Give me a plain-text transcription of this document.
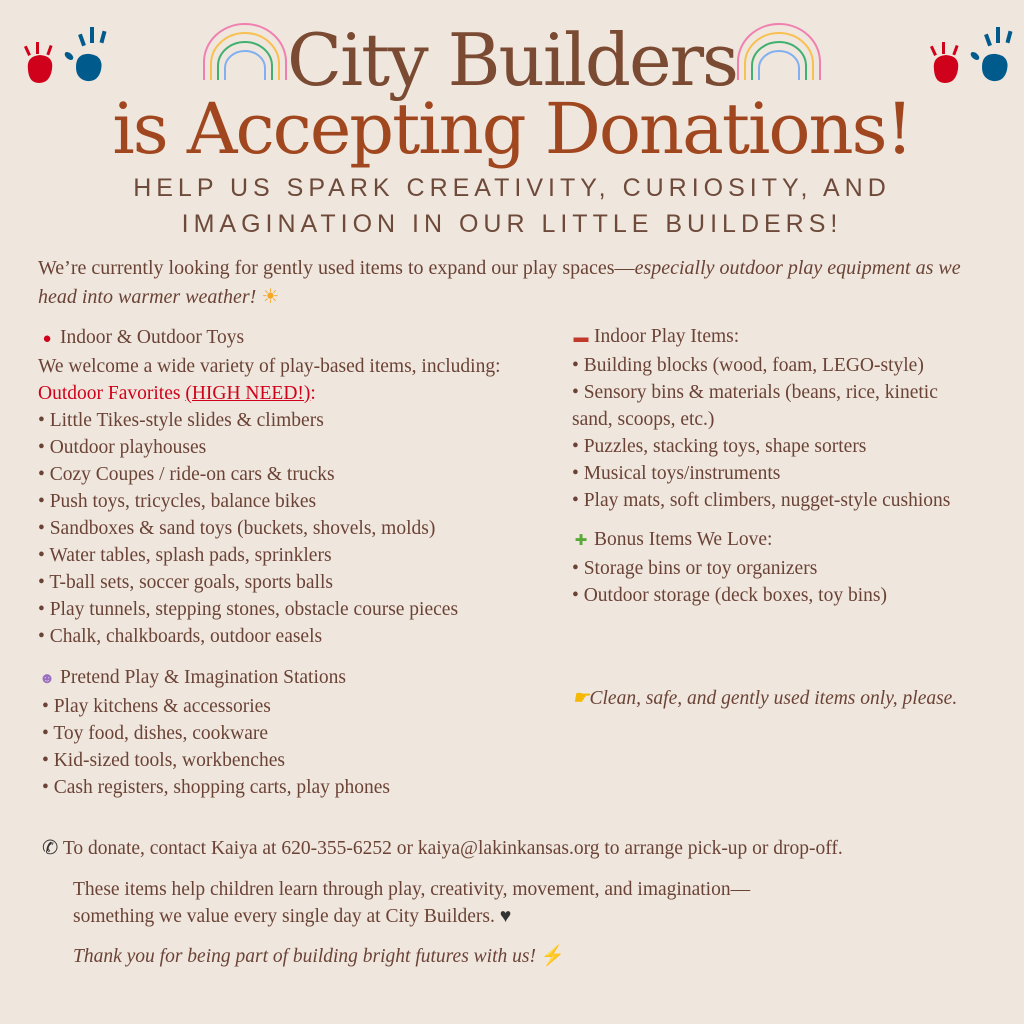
City Builders
is Accepting Donations!
HELP US SPARK CREATIVITY, CURIOSITY, AND
IMAGINATION IN OUR LITTLE BUILDERS!
We’re currently looking for gently used items to expand our play spaces—especially outdoor play equipment as we head into warmer weather! ☀
● Indoor & Outdoor Toys
We welcome a wide variety of play-based items, including:
Outdoor Favorites (HIGH NEED!):
• Little Tikes-style slides & climbers
• Outdoor playhouses
• Cozy Coupes / ride-on cars & trucks
• Push toys, tricycles, balance bikes
• Sandboxes & sand toys (buckets, shovels, molds)
• Water tables, splash pads, sprinklers
• T-ball sets, soccer goals, sports balls
• Play tunnels, stepping stones, obstacle course pieces
• Chalk, chalkboards, outdoor easels
☻ Pretend Play & Imagination Stations
• Play kitchens & accessories
• Toy food, dishes, cookware
• Kid-sized tools, workbenches
• Cash registers, shopping carts, play phones
▬ Indoor Play Items:
• Building blocks (wood, foam, LEGO-style)
• Sensory bins & materials (beans, rice, kinetic
sand, scoops, etc.)
• Puzzles, stacking toys, shape sorters
• Musical toys/instruments
• Play mats, soft climbers, nugget-style cushions
✚ Bonus Items We Love:
• Storage bins or toy organizers
• Outdoor storage (deck boxes, toy bins)
☛Clean, safe, and gently used items only, please.
✆ To donate, contact Kaiya at 620-355-6252 or kaiya@lakinkansas.org to arrange pick-up or drop-off.
These items help children learn through play, creativity, movement, and imagination—
something we value every single day at City Builders. ♥
Thank you for being part of building bright futures with us! ⚡
